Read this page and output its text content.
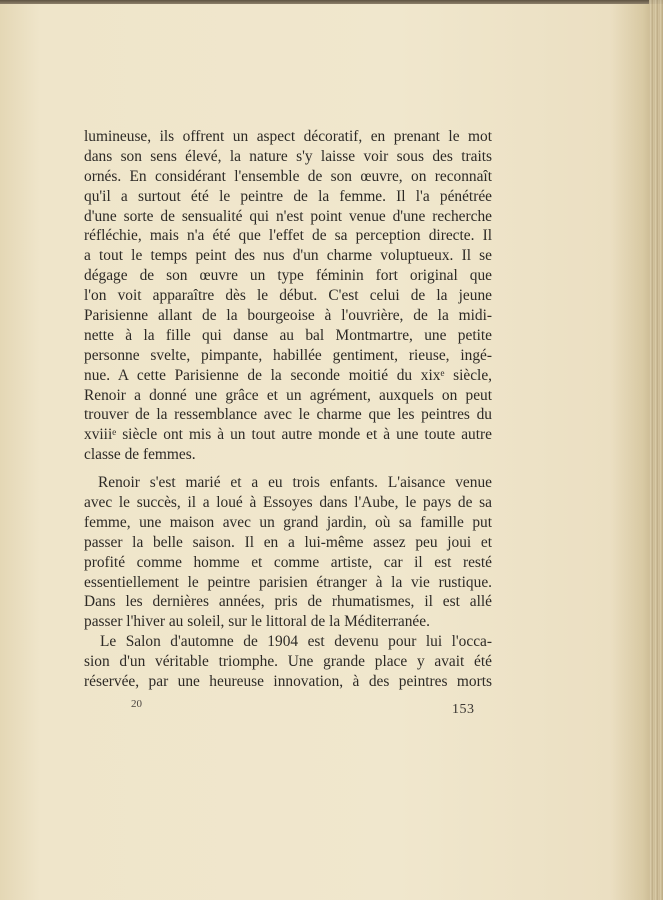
lumineuse, ils offrent un aspect décoratif, en prenant le mot
dans son sens élevé, la nature s'y laisse voir sous des traits
ornés. En considérant l'ensemble de son œuvre, on reconnaît
qu'il a surtout été le peintre de la femme. Il l'a pénétrée
d'une sorte de sensualité qui n'est point venue d'une recherche
réfléchie, mais n'a été que l'effet de sa perception directe. Il
a tout le temps peint des nus d'un charme voluptueux. Il se
dégage de son œuvre un type féminin fort original que
l'on voit apparaître dès le début. C'est celui de la jeune
Parisienne allant de la bourgeoise à l'ouvrière, de la midi-
nette à la fille qui danse au bal Montmartre, une petite
personne svelte, pimpante, habillée gentiment, rieuse, ingé-
nue. A cette Parisienne de la seconde moitié du xixᵉ siècle,
Renoir a donné une grâce et un agrément, auxquels on peut
trouver de la ressemblance avec le charme que les peintres du
xviiiᵉ siècle ont mis à un tout autre monde et à une toute autre
classe de femmes.
Renoir s'est marié et a eu trois enfants. L'aisance venue
avec le succès, il a loué à Essoyes dans l'Aube, le pays de sa
femme, une maison avec un grand jardin, où sa famille put
passer la belle saison. Il en a lui-même assez peu joui et
profité comme homme et comme artiste, car il est resté
essentiellement le peintre parisien étranger à la vie rustique.
Dans les dernières années, pris de rhumatismes, il est allé
passer l'hiver au soleil, sur le littoral de la Méditerranée.
Le Salon d'automne de 1904 est devenu pour lui l'occa-
sion d'un véritable triomphe. Une grande place y avait été
réservée, par une heureuse innovation, à des peintres morts
20	153
